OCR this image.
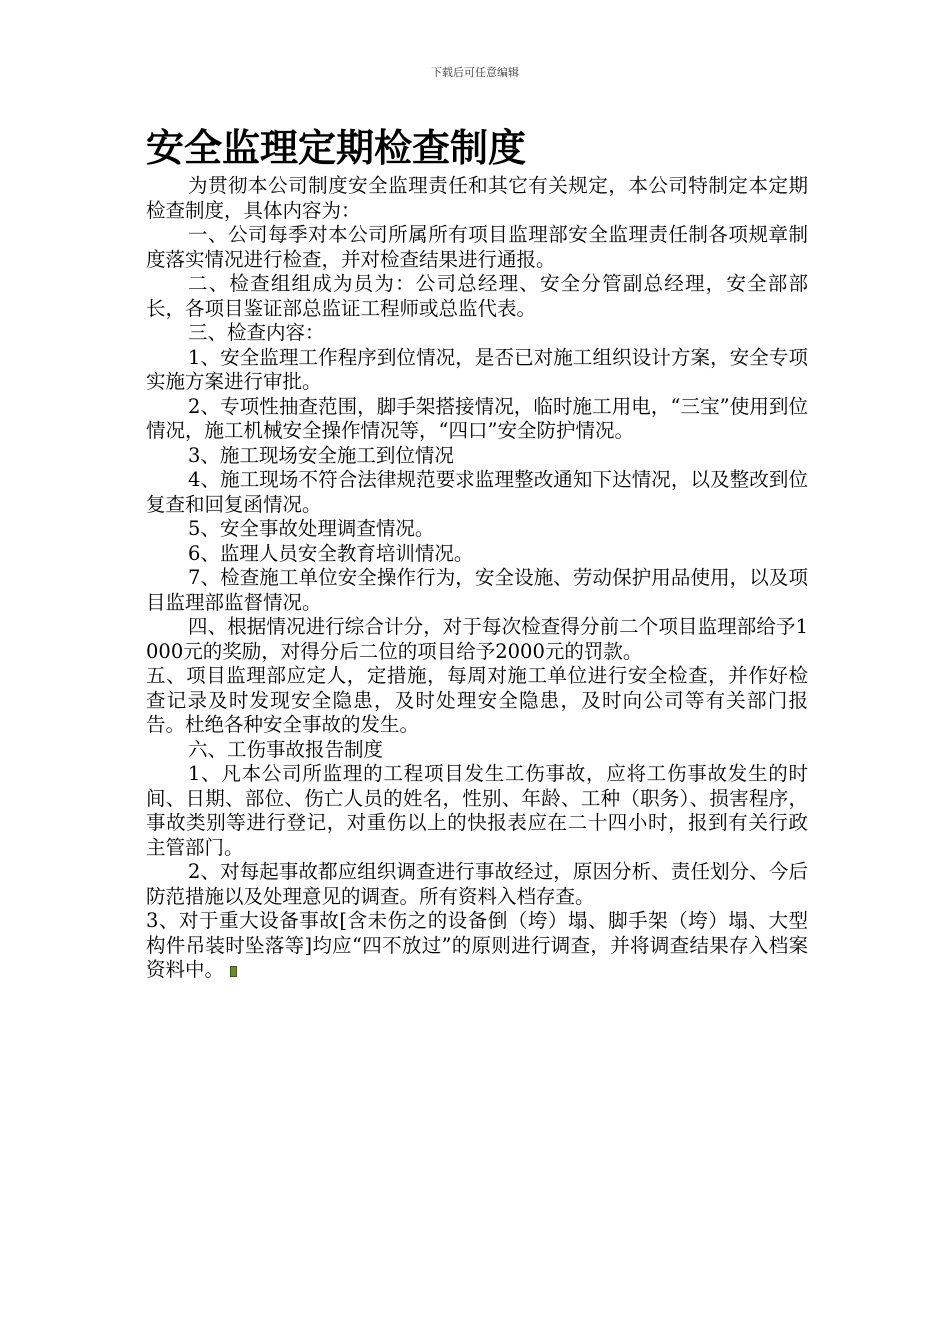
下载后可任意编辑
安全监理定期检查制度

为贯彻本公司制度安全监理责任和其它有关规定，本公司特制定本定期检查制度，具体内容为：

一、公司每季对本公司所属所有项目监理部安全监理责任制各项规章制度落实情况进行检查，并对检查结果进行通报。

二、检查组组成为员为：公司总经理、安全分管副总经理，安全部部长，各项目鉴证部总监证工程师或总监代表。

三、检查内容：

1、安全监理工作程序到位情况，是否已对施工组织设计方案，安全专项实施方案进行审批。

2、专项性抽查范围，脚手架搭接情况，临时施工用电，“三宝”使用到位情况，施工机械安全操作情况等，“四口”安全防护情况。

3、施工现场安全施工到位情况

4、施工现场不符合法律规范要求监理整改通知下达情况，以及整改到位复查和回复函情况。

5、安全事故处理调查情况。

6、监理人员安全教育培训情况。

7、检查施工单位安全操作行为，安全设施、劳动保护用品使用，以及项目监理部监督情况。

四、根据情况进行综合计分，对于每次检查得分前二个项目监理部给予1000元的奖励，对得分后二位的项目给予2000元的罚款。

五、项目监理部应定人，定措施，每周对施工单位进行安全检查，并作好检查记录及时发现安全隐患，及时处理安全隐患，及时向公司等有关部门报告。杜绝各种安全事故的发生。

六、工伤事故报告制度

1、凡本公司所监理的工程项目发生工伤事故，应将工伤事故发生的时间、日期、部位、伤亡人员的姓名，性别、年龄、工种（职务）、损害程序，事故类别等进行登记，对重伤以上的快报表应在二十四小时，报到有关行政主管部门。

2、对每起事故都应组织调查进行事故经过，原因分析、责任划分、今后防范措施以及处理意见的调查。所有资料入档存查。

3、对于重大设备事故[含未伤之的设备倒（垮）塌、脚手架（垮）塌、大型构件吊装时坠落等]均应“四不放过”的原则进行调查，并将调查结果存入档案资料中。
